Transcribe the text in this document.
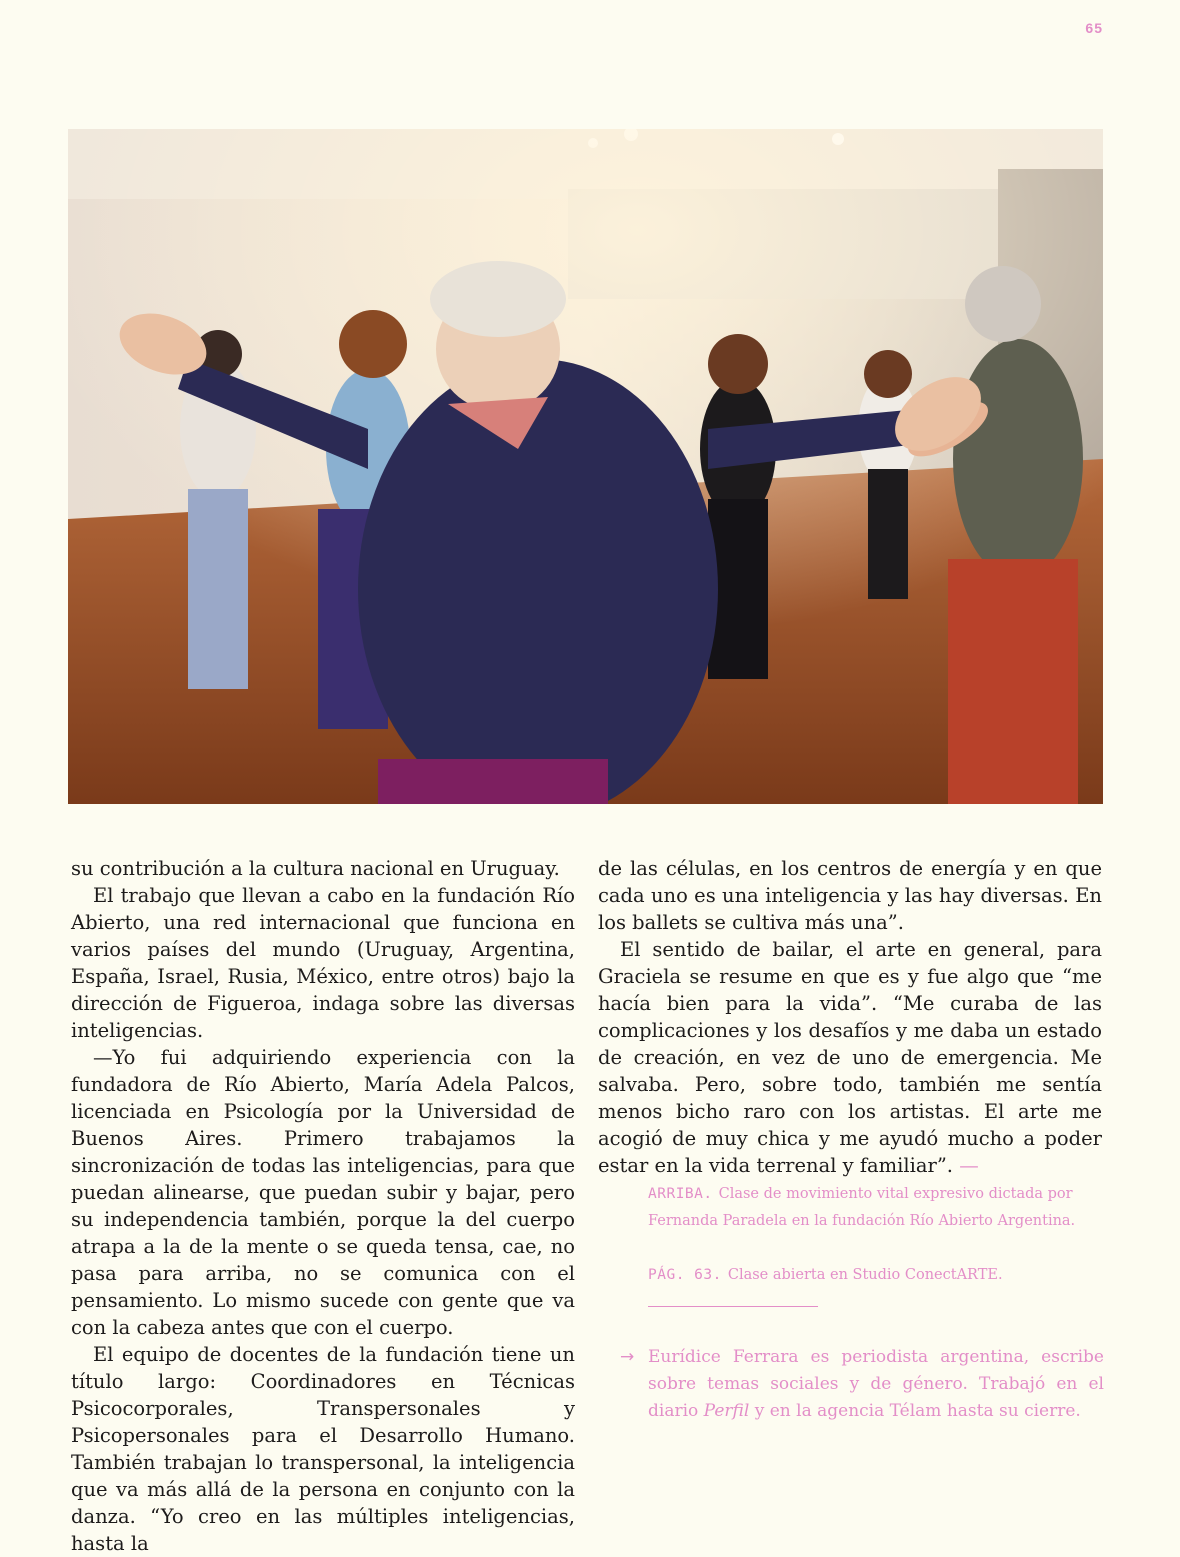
65

su contribución a la cultura nacional en Uruguay.

El trabajo que llevan a cabo en la fundación Río Abierto, una red internacional que funciona en varios países del mundo (Uruguay, Argentina, España, Israel, Rusia, México, entre otros) bajo la dirección de Figueroa, indaga sobre las diversas inteligencias.

—Yo fui adquiriendo experiencia con la fundadora de Río Abierto, María Adela Palcos, licenciada en Psicología por la Universidad de Buenos Aires. Primero trabajamos la sincronización de todas las inteligencias, para que puedan alinearse, que puedan subir y bajar, pero su independencia también, porque la del cuerpo atrapa a la de la mente o se queda tensa, cae, no pasa para arriba, no se comunica con el pensamiento. Lo mismo sucede con gente que va con la cabeza antes que con el cuerpo.

El equipo de docentes de la fundación tiene un título largo: Coordinadores en Técnicas Psicocorporales, Transpersonales y Psicopersonales para el Desarrollo Humano. También trabajan lo transpersonal, la inteligencia que va más allá de la persona en conjunto con la danza. “Yo creo en las múltiples inteligencias, hasta la

de las células, en los centros de energía y en que cada uno es una inteligencia y las hay diversas. En los ballets se cultiva más una”.

El sentido de bailar, el arte en general, para Graciela se resume en que es y fue algo que “me hacía bien para la vida”. “Me curaba de las complicaciones y los desafíos y me daba un estado de creación, en vez de uno de emergencia. Me salvaba. Pero, sobre todo, también me sentía menos bicho raro con los artistas. El arte me acogió de muy chica y me ayudó mucho a poder estar en la vida terrenal y familiar”. —

ARRIBA. Clase de movimiento vital expresivo dictada por Fernanda Paradela en la fundación Río Abierto Argentina.
PÁG. 63. Clase abierta en Studio ConectARTE.
→ Eurídice Ferrara es periodista argentina, escribe sobre temas sociales y de género. Trabajó en el diario Perfil y en la agencia Télam hasta su cierre.
